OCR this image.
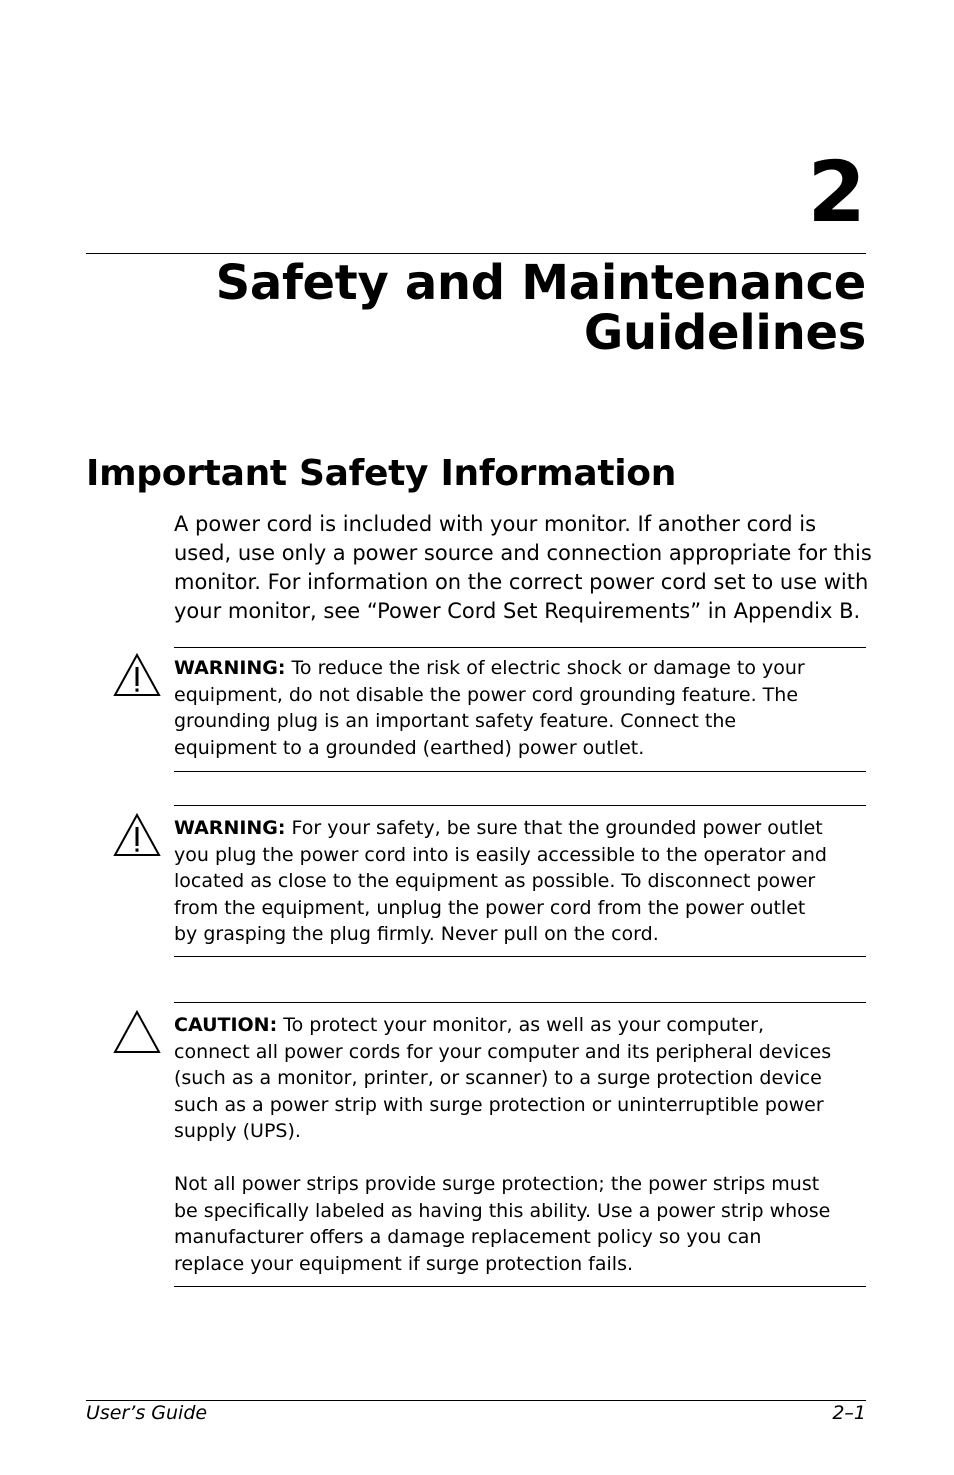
2
Safety and Maintenance
Guidelines
Important Safety Information
A power cord is included with your monitor. If another cord is used, use only a power source and connection appropriate for this monitor. For information on the correct power cord set to use with your monitor, see “Power Cord Set Requirements” in Appendix B.
WARNING: To reduce the risk of electric shock or damage to your equipment, do not disable the power cord grounding feature. The grounding plug is an important safety feature. Connect the equipment to a grounded (earthed) power outlet.
WARNING: For your safety, be sure that the grounded power outlet you plug the power cord into is easily accessible to the operator and located as close to the equipment as possible. To disconnect power from the equipment, unplug the power cord from the power outlet by grasping the plug firmly. Never pull on the cord.
CAUTION: To protect your monitor, as well as your computer, connect all power cords for your computer and its peripheral devices (such as a monitor, printer, or scanner) to a surge protection device such as a power strip with surge protection or uninterruptible power supply (UPS).
Not all power strips provide surge protection; the power strips must be specifically labeled as having this ability. Use a power strip whose manufacturer offers a damage replacement policy so you can replace your equipment if surge protection fails.
User’s Guide	2–1
